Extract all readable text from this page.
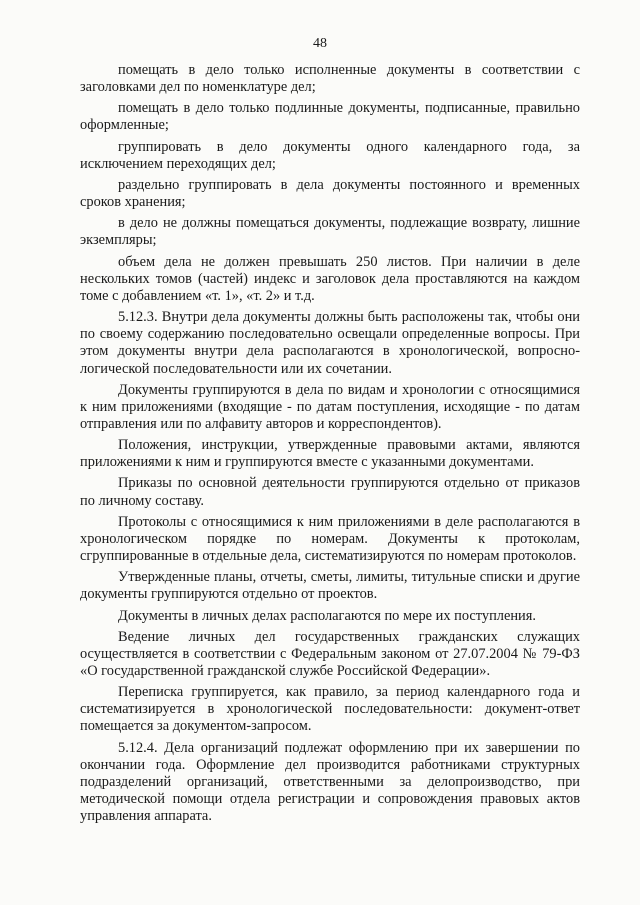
48

помещать в дело только исполненные документы в соответствии с заголовками дел по номенклатуре дел;

помещать в дело только подлинные документы, подписанные, правильно оформленные;

группировать в дело документы одного календарного года, за исключением переходящих дел;

раздельно группировать в дела документы постоянного и временных сроков хранения;

в дело не должны помещаться документы, подлежащие возврату, лишние экземпляры;

объем дела не должен превышать 250 листов. При наличии в деле нескольких томов (частей) индекс и заголовок дела проставляются на каждом томе с добавлением «т. 1», «т. 2» и т.д.

5.12.3. Внутри дела документы должны быть расположены так, чтобы они по своему содержанию последовательно освещали определенные вопросы. При этом документы внутри дела располагаются в хронологической, вопросно-логической последовательности или их сочетании.

Документы группируются в дела по видам и хронологии с относящимися к ним приложениями (входящие - по датам поступления, исходящие - по датам отправления или по алфавиту авторов и корреспондентов).

Положения, инструкции, утвержденные правовыми актами, являются приложениями к ним и группируются вместе с указанными документами.

Приказы по основной деятельности группируются отдельно от приказов по личному составу.

Протоколы с относящимися к ним приложениями в деле располагаются в хронологическом порядке по номерам. Документы к протоколам, сгруппированные в отдельные дела, систематизируются по номерам протоколов.

Утвержденные планы, отчеты, сметы, лимиты, титульные списки и другие документы группируются отдельно от проектов.

Документы в личных делах располагаются по мере их поступления.

Ведение личных дел государственных гражданских служащих осуществляется в соответствии с Федеральным законом от 27.07.2004 № 79-ФЗ «О государственной гражданской службе Российской Федерации».

Переписка группируется, как правило, за период календарного года и систематизируется в хронологической последовательности: документ-ответ помещается за документом-запросом.

5.12.4. Дела организаций подлежат оформлению при их завершении по окончании года. Оформление дел производится работниками структурных подразделений организаций, ответственными за делопроизводство, при методической помощи отдела регистрации и сопровождения правовых актов управления аппарата.
